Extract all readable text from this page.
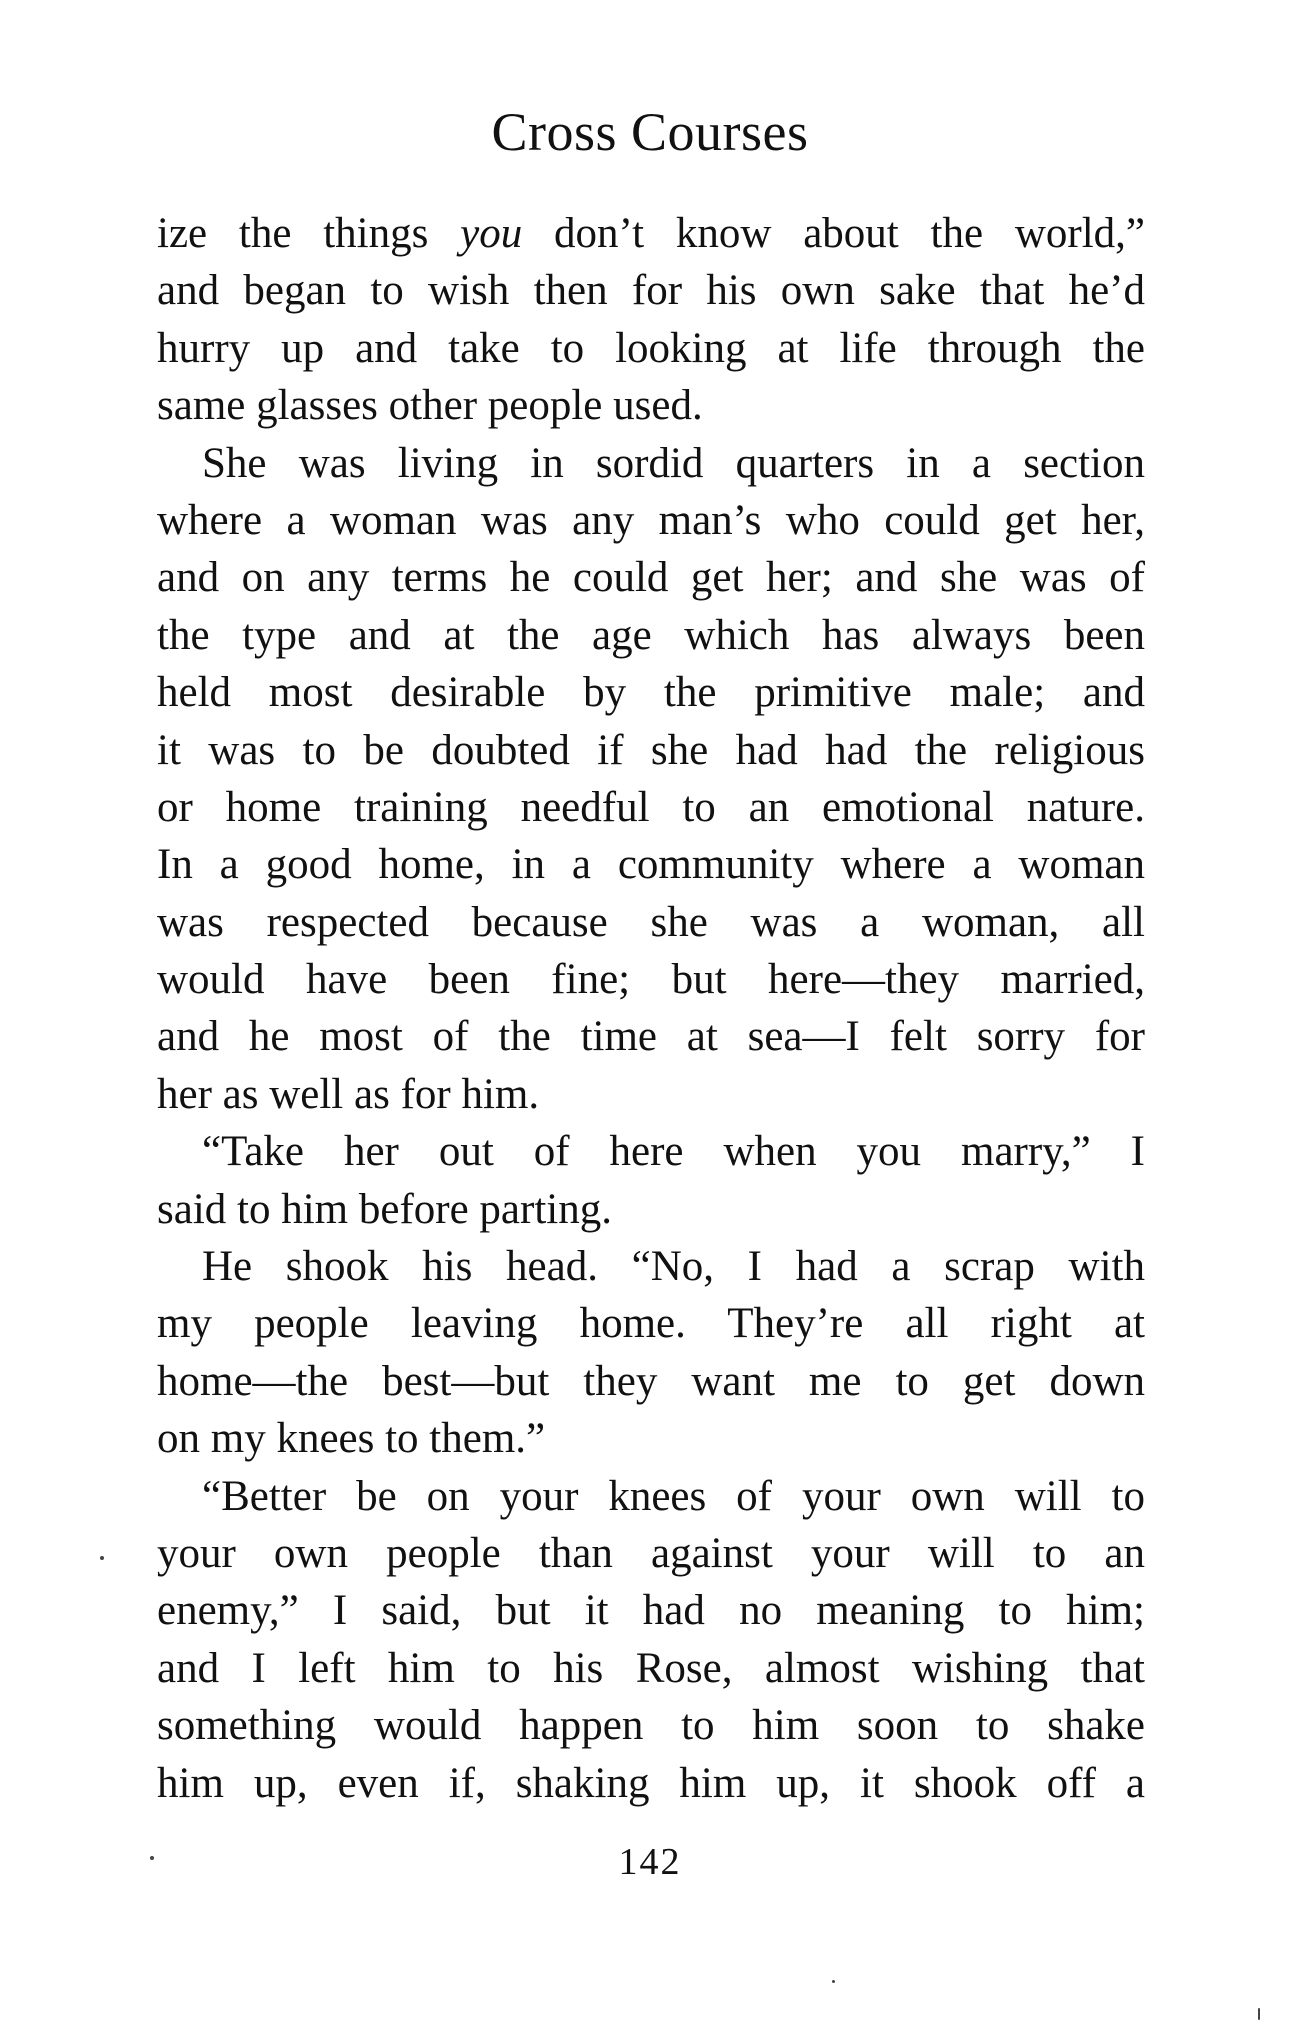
Cross Courses
ize the things you don’t know about the world,”
and began to wish then for his own sake that he’d
hurry up and take to looking at life through the
same glasses other people used.
She was living in sordid quarters in a section
where a woman was any man’s who could get her,
and on any terms he could get her; and she was of
the type and at the age which has always been
held most desirable by the primitive male; and
it was to be doubted if she had had the religious
or home training needful to an emotional nature.
In a good home, in a community where a woman
was respected because she was a woman, all
would have been fine; but here—they married,
and he most of the time at sea—I felt sorry for
her as well as for him.
“Take her out of here when you marry,” I
said to him before parting.
He shook his head. “No, I had a scrap with
my people leaving home. They’re all right at
home—the best—but they want me to get down
on my knees to them.”
“Better be on your knees of your own will to
your own people than against your will to an
enemy,” I said, but it had no meaning to him;
and I left him to his Rose, almost wishing that
something would happen to him soon to shake
him up, even if, shaking him up, it shook off a
142
